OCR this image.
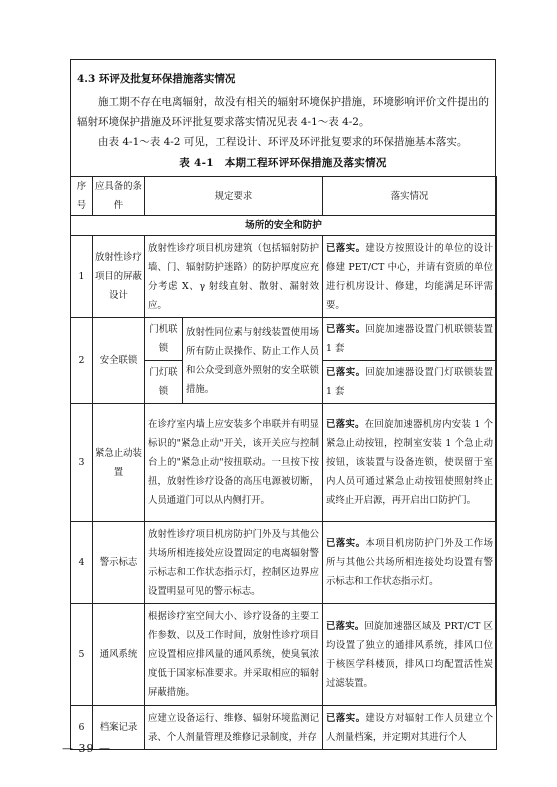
4.3 环评及批复环保措施落实情况
施工期不存在电离辐射，故没有相关的辐射环境保护措施，环境影响评价文件提出的辐射环境保护措施及环评批复要求落实情况见表 4-1～表 4-2。
由表 4-1～表 4-2 可见，工程设计、环评及环评批复要求的环保措施基本落实。
表 4-1　本期工程环评环保措施及落实情况
序号	应具备的条件	规定要求		落实情况
场所的安全和防护				
1	放射性诊疗项目的屏蔽设计	放射性诊疗项目机房建筑（包括辐射防护墙、门、辐射防护迷路）的防护厚度应充分考虑 X、γ 射线直射、散射、漏射效应。		已落实。建设方按照设计的单位的设计修建 PET/CT 中心，并请有资质的单位进行机房设计、修建，均能满足环评需要。
2	安全联锁	门机联锁	放射性同位素与射线装置使用场所有防止误操作、防止工作人员和公众受到意外照射的安全联锁措施。	已落实。回旋加速器设置门机联锁装置 1 套
		门灯联锁		已落实。回旋加速器设置门灯联锁装置 1 套
3	紧急止动装置	在诊疗室内墙上应安装多个串联并有明显标识的"紧急止动"开关，该开关应与控制台上的"紧急止动"按扭联动。一旦按下按扭，放射性诊疗设备的高压电源被切断，人员通道门可以从内侧打开。		已落实。在回旋加速器机房内安装 1 个紧急止动按钮，控制室安装 1 个急止动按钮，该装置与设备连锁，使误留于室内人员可通过紧急止动按钮使照射终止或终止开启源，再开启出口防护门。
4	警示标志	放射性诊疗项目机房防护门外及与其他公共场所相连接处应设置固定的电离辐射警示标志和工作状态指示灯，控制区边界应设置明显可见的警示标志。		已落实。本项目机房防护门外及工作场所与其他公共场所相连接处均设置有警示标志和工作状态指示灯。
5	通风系统	根据诊疗室空间大小、诊疗设备的主要工作参数、以及工作时间，放射性诊疗项目应设置相应排风量的通风系统，使臭氧浓度低于国家标准要求。并采取相应的辐射屏蔽措施。		已落实。回旋加速器区域及 PRT/CT 区均设置了独立的通排风系统，排风口位于核医学科楼顶，排风口均配置活性炭过滤装置。
6	档案记录	应建立设备运行、维修、辐射环境监测记录、个人剂量管理及维修记录制度，并存		已落实。建设方对辐射工作人员建立个人剂量档案，并定期对其进行个人
— 39 —
